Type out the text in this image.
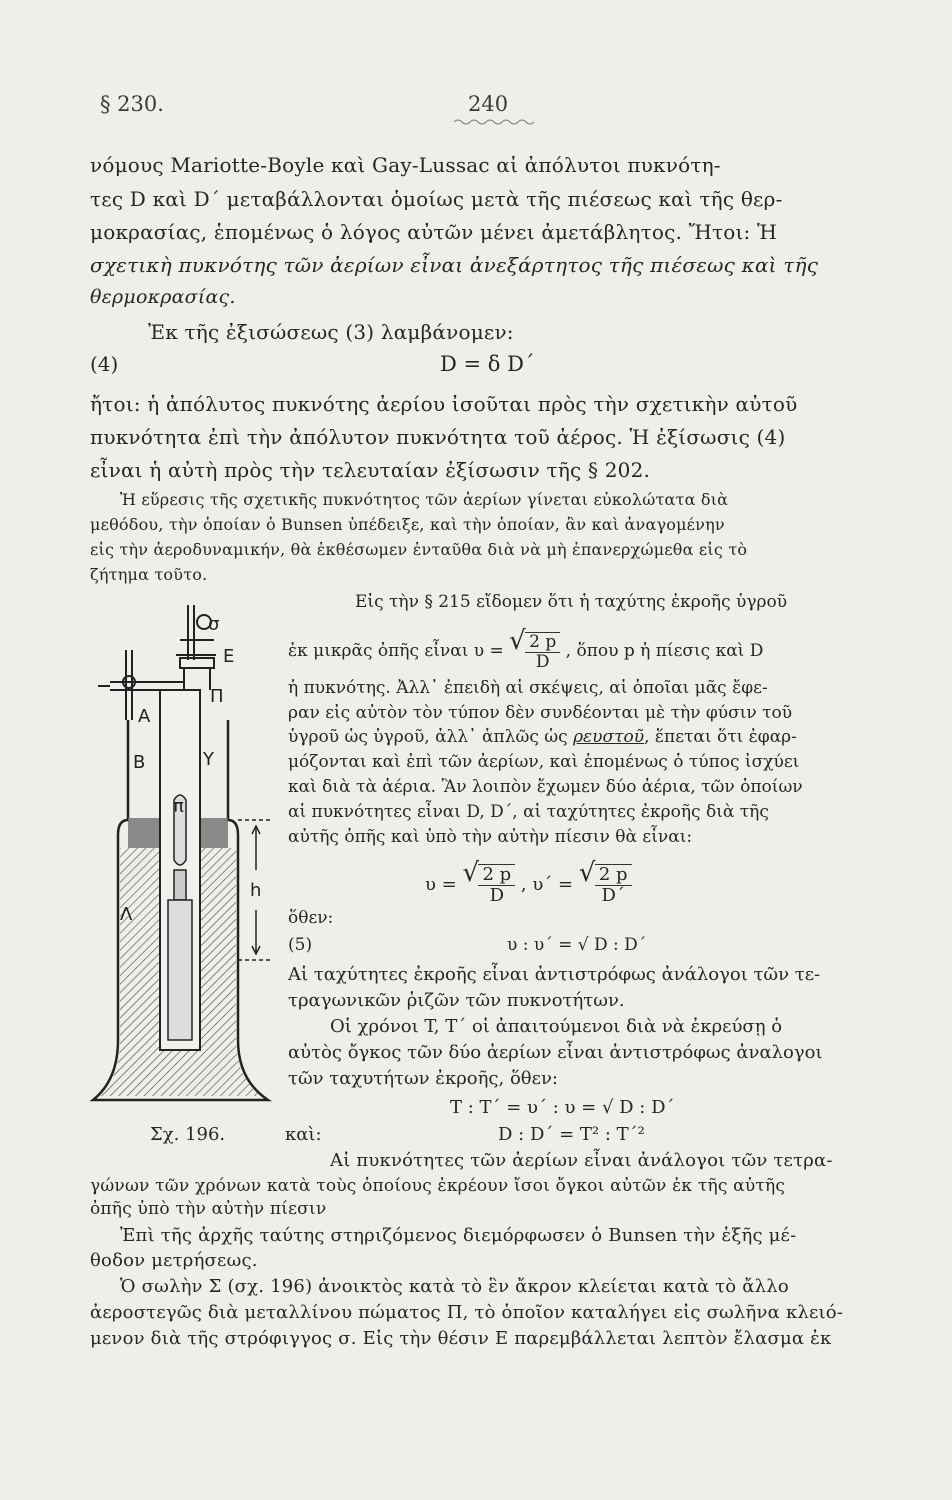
§ 230.	240
νόμους Mariotte-Boyle καὶ Gay-Lussac αἱ ἀπόλυτοι πυκνότη-
τες D καὶ D΄ μεταβάλλονται ὁμοίως μετὰ τῆς πιέσεως καὶ τῆς θερ-
μοκρασίας, ἑπομένως ὁ λόγος αὐτῶν μένει ἀμετάβλητος. Ἤτοι: Ἡ
σχετικὴ πυκνότης τῶν ἀερίων εἶναι ἀνεξάρτητος τῆς πιέσεως καὶ τῆς
θερμοκρασίας.
Ἐκ τῆς ἐξισώσεως (3) λαμβάνομεν:
(4)	D = δ D΄
ἤτοι: ἡ ἀπόλυτος πυκνότης ἀερίου ἰσοῦται πρὸς τὴν σχετικὴν αὐτοῦ
πυκνότητα ἐπὶ τὴν ἀπόλυτον πυκνότητα τοῦ ἀέρος. Ἡ ἐξίσωσις (4)
εἶναι ἡ αὐτὴ πρὸς τὴν τελευταίαν ἐξίσωσιν τῆς § 202.
Ἡ εὕρεσις τῆς σχετικῆς πυκνότητος τῶν ἀερίων γίνεται εὐκολώτατα διὰ
μεθόδου, τὴν ὁποίαν ὁ Bunsen ὑπέδειξε, καὶ τὴν ὁποίαν, ἂν καὶ ἀναγομένην
εἰς τὴν ἀεροδυναμικήν, θὰ ἐκθέσωμεν ἐνταῦθα διὰ νὰ μὴ ἐπανερχώμεθα εἰς τὸ
ζήτημα τοῦτο.
Εἰς τὴν § 215 εἴδομεν ὅτι ἡ ταχύτης ἐκροῆς ὑγροῦ
ἐκ μικρᾶς ὀπῆς εἶναι υ = √ $\frac{2 p}{D}$ , ὅπου p ἡ πίεσις καὶ D
ἡ πυκνότης. Ἀλλ᾽ ἐπειδὴ αἱ σκέψεις, αἱ ὁποῖαι μᾶς ἔφε-
ραν εἰς αὐτὸν τὸν τύπον δὲν συνδέονται μὲ τὴν φύσιν τοῦ
ὑγροῦ ὡς ὑγροῦ, ἀλλ᾽ ἁπλῶς ὡς ρευστοῦ, ἕπεται ὅτι ἐφαρ-
μόζονται καὶ ἐπὶ τῶν ἀερίων, καὶ ἑπομένως ὁ τύπος ἰσχύει
καὶ διὰ τὰ ἀέρια. Ἂν λοιπὸν ἔχωμεν δύο ἀέρια, τῶν ὁποίων
αἱ πυκνότητες εἶναι D, D΄, αἱ ταχύτητες ἐκροῆς διὰ τῆς
αὐτῆς ὀπῆς καὶ ὑπὸ τὴν αὐτὴν πίεσιν θὰ εἶναι:
υ = √ $\frac{2 p}{D}$ , υ΄ = √ $\frac{2 p}{D΄}$
ὅθεν:
(5)	υ : υ΄ = √ D : D΄
Αἱ ταχύτητες ἐκροῆς εἶναι ἀντιστρόφως ἀνάλογοι τῶν τε-
τραγωνικῶν ῥιζῶν τῶν πυκνοτήτων.
Οἱ χρόνοι T, T΄ οἱ ἀπαιτούμενοι διὰ νὰ ἐκρεύσῃ ὁ
αὐτὸς ὄγκος τῶν δύο ἀερίων εἶναι ἀντιστρόφως ἀναλογοι
τῶν ταχυτήτων ἐκροῆς, ὅθεν:
T : T΄ = υ΄ : υ = √ D : D΄
καὶ:	D : D΄ = T² : T΄²
σ
E
Π
A
B	Y
π
h
Λ
Σχ. 196.
Αἱ πυκνότητες τῶν ἀερίων εἶναι ἀνάλογοι τῶν τετρα-
γώνων τῶν χρόνων κατὰ τοὺς ὁποίους ἐκρέουν ἴσοι ὄγκοι αὐτῶν ἐκ τῆς αὐτῆς
ὀπῆς ὑπὸ τὴν αὐτὴν πίεσιν
Ἐπὶ τῆς ἀρχῆς ταύτης στηριζόμενος διεμόρφωσεν ὁ Bunsen τὴν ἑξῆς μέ-
θοδον μετρήσεως.
Ὁ σωλὴν Σ (σχ. 196) ἀνοικτὸς κατὰ τὸ ἓν ἄκρον κλείεται κατὰ τὸ ἄλλο
ἀεροστεγῶς διὰ μεταλλίνου πώματος Π, τὸ ὁποῖον καταλήγει εἰς σωλῆνα κλειό-
μενον διὰ τῆς στρόφιγγος σ. Εἰς τὴν θέσιν E παρεμβάλλεται λεπτὸν ἔλασμα ἐκ
